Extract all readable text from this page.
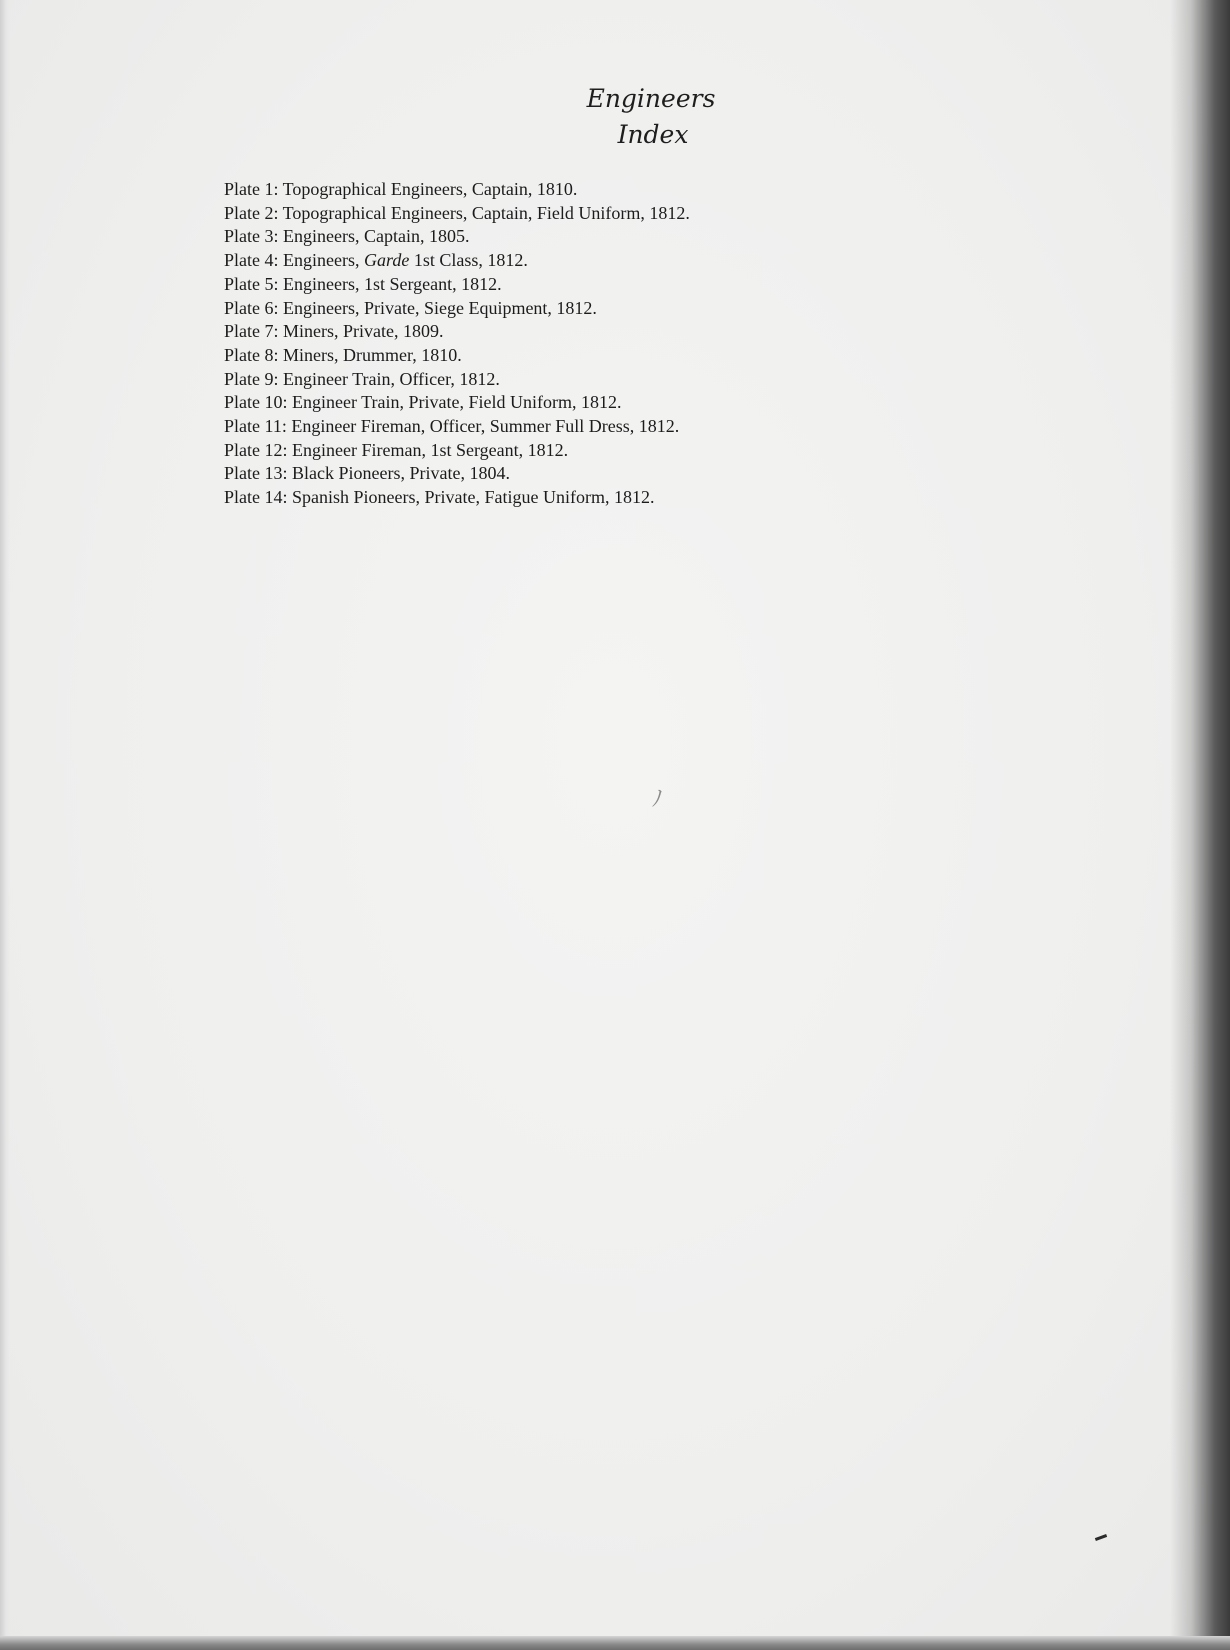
Engineers
Index
Plate 1: Topographical Engineers, Captain, 1810.
Plate 2: Topographical Engineers, Captain, Field Uniform, 1812.
Plate 3: Engineers, Captain, 1805.
Plate 4: Engineers, Garde 1st Class, 1812.
Plate 5: Engineers, 1st Sergeant, 1812.
Plate 6: Engineers, Private, Siege Equipment, 1812.
Plate 7: Miners, Private, 1809.
Plate 8: Miners, Drummer, 1810.
Plate 9: Engineer Train, Officer, 1812.
Plate 10: Engineer Train, Private, Field Uniform, 1812.
Plate 11: Engineer Fireman, Officer, Summer Full Dress, 1812.
Plate 12: Engineer Fireman, 1st Sergeant, 1812.
Plate 13: Black Pioneers, Private, 1804.
Plate 14: Spanish Pioneers, Private, Fatigue Uniform, 1812.
ﾉ
